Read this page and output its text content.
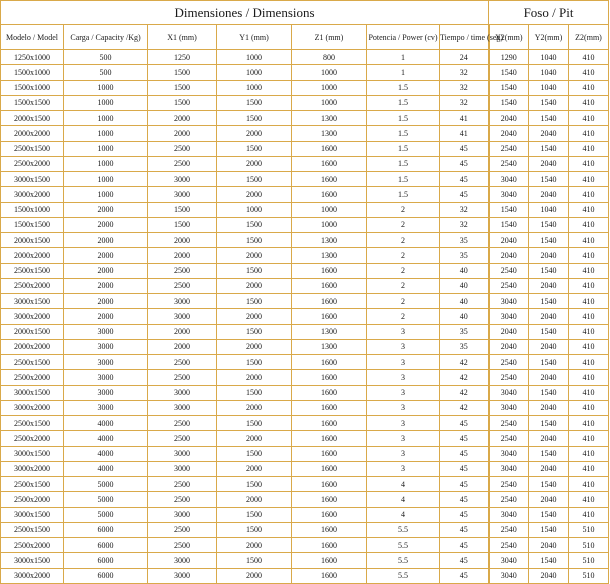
Dimensiones / Dimensions							Foso / Pit		
Modelo / Model	Carga / Capacity /Kg)	X1 (mm)	Y1 (mm)	Z1 (mm)	Potencia / Power (cv)	Tiempo / time (seg)	X2(mm)	Y2(mm)	Z2(mm)
1250x1000	500	1250	1000	800	1	24	1290	1040	410
1500x1000	500	1500	1000	1000	1	32	1540	1040	410
1500x1000	1000	1500	1000	1000	1.5	32	1540	1040	410
1500x1500	1000	1500	1500	1000	1.5	32	1540	1540	410
2000x1500	1000	2000	1500	1300	1.5	41	2040	1540	410
2000x2000	1000	2000	2000	1300	1.5	41	2040	2040	410
2500x1500	1000	2500	1500	1600	1.5	45	2540	1540	410
2500x2000	1000	2500	2000	1600	1.5	45	2540	2040	410
3000x1500	1000	3000	1500	1600	1.5	45	3040	1540	410
3000x2000	1000	3000	2000	1600	1.5	45	3040	2040	410
1500x1000	2000	1500	1000	1000	2	32	1540	1040	410
1500x1500	2000	1500	1500	1000	2	32	1540	1540	410
2000x1500	2000	2000	1500	1300	2	35	2040	1540	410
2000x2000	2000	2000	2000	1300	2	35	2040	2040	410
2500x1500	2000	2500	1500	1600	2	40	2540	1540	410
2500x2000	2000	2500	2000	1600	2	40	2540	2040	410
3000x1500	2000	3000	1500	1600	2	40	3040	1540	410
3000x2000	2000	3000	2000	1600	2	40	3040	2040	410
2000x1500	3000	2000	1500	1300	3	35	2040	1540	410
2000x2000	3000	2000	2000	1300	3	35	2040	2040	410
2500x1500	3000	2500	1500	1600	3	42	2540	1540	410
2500x2000	3000	2500	2000	1600	3	42	2540	2040	410
3000x1500	3000	3000	1500	1600	3	42	3040	1540	410
3000x2000	3000	3000	2000	1600	3	42	3040	2040	410
2500x1500	4000	2500	1500	1600	3	45	2540	1540	410
2500x2000	4000	2500	2000	1600	3	45	2540	2040	410
3000x1500	4000	3000	1500	1600	3	45	3040	1540	410
3000x2000	4000	3000	2000	1600	3	45	3040	2040	410
2500x1500	5000	2500	1500	1600	4	45	2540	1540	410
2500x2000	5000	2500	2000	1600	4	45	2540	2040	410
3000x1500	5000	3000	1500	1600	4	45	3040	1540	410
2500x1500	6000	2500	1500	1600	5.5	45	2540	1540	510
2500x2000	6000	2500	2000	1600	5.5	45	2540	2040	510
3000x1500	6000	3000	1500	1600	5.5	45	3040	1540	510
3000x2000	6000	3000	2000	1600	5.5	45	3040	2040	510
